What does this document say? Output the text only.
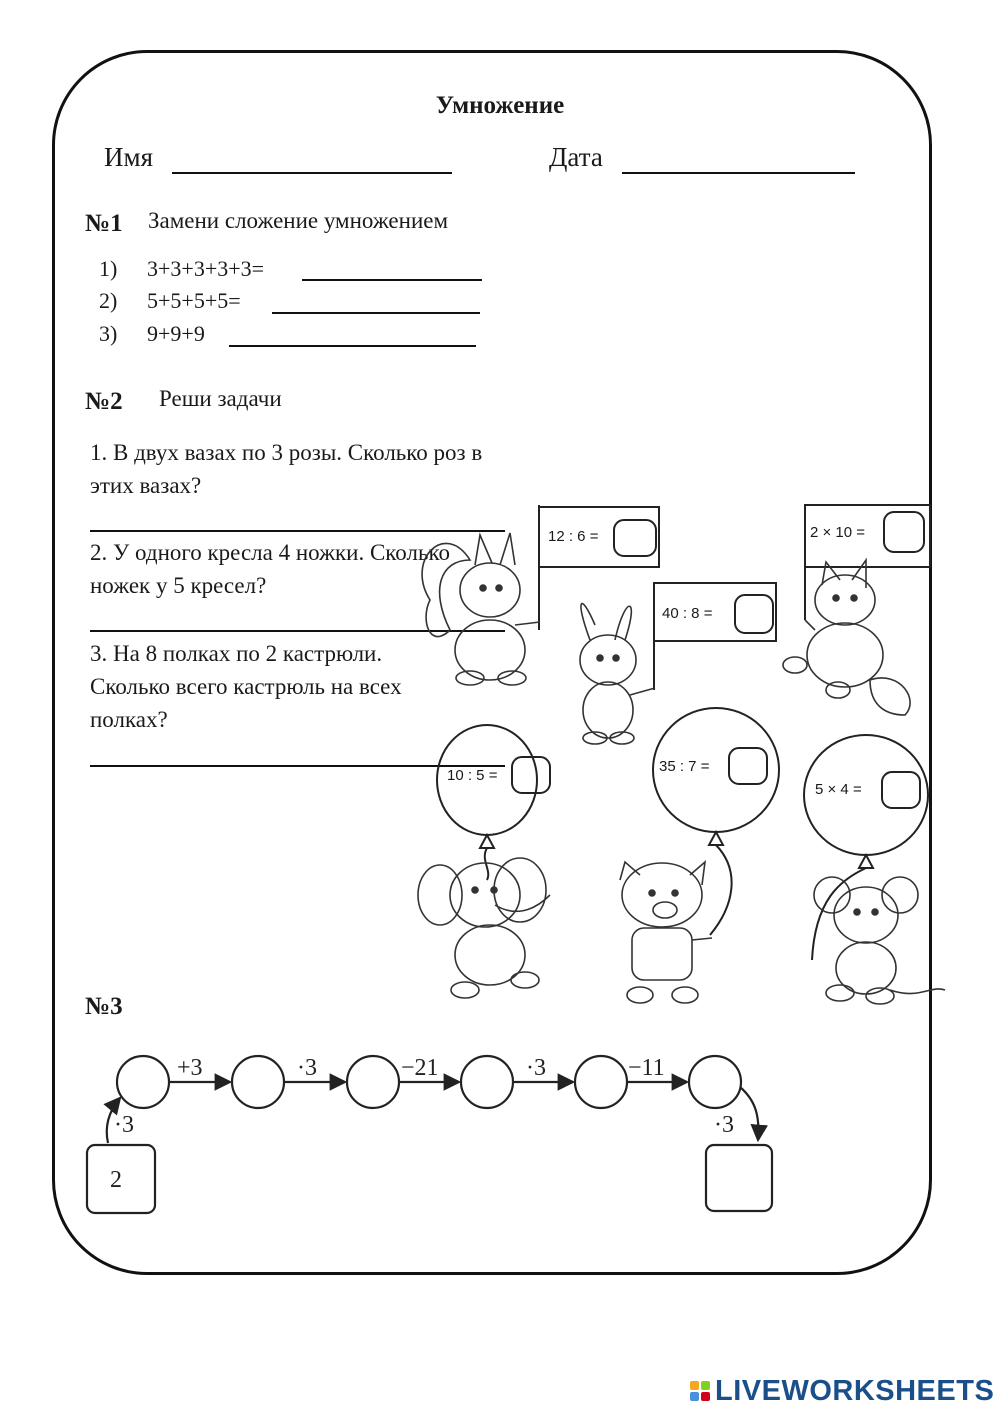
Умножение
Имя	Дата
№1 Замени сложение умножением
1) 3+3+3+3+3=
2) 5+5+5+5=
3) 9+9+9
№2 Реши задачи
1. В двух вазах по 3 розы. Сколько роз в этих вазах?
2. У одного кресла 4 ножки. Сколько ножек у 5 кресел?
3. На 8 полках по 2 кастрюли. Сколько всего кастрюль на всех полках?
12 : 6 =
40 : 8 =
2 × 10 =
10 : 5 =
35 : 7 =
5 × 4 =
№3
·3
+3	·3	−21	·3	−11
·3
2
LIVEWORKSHEETS
